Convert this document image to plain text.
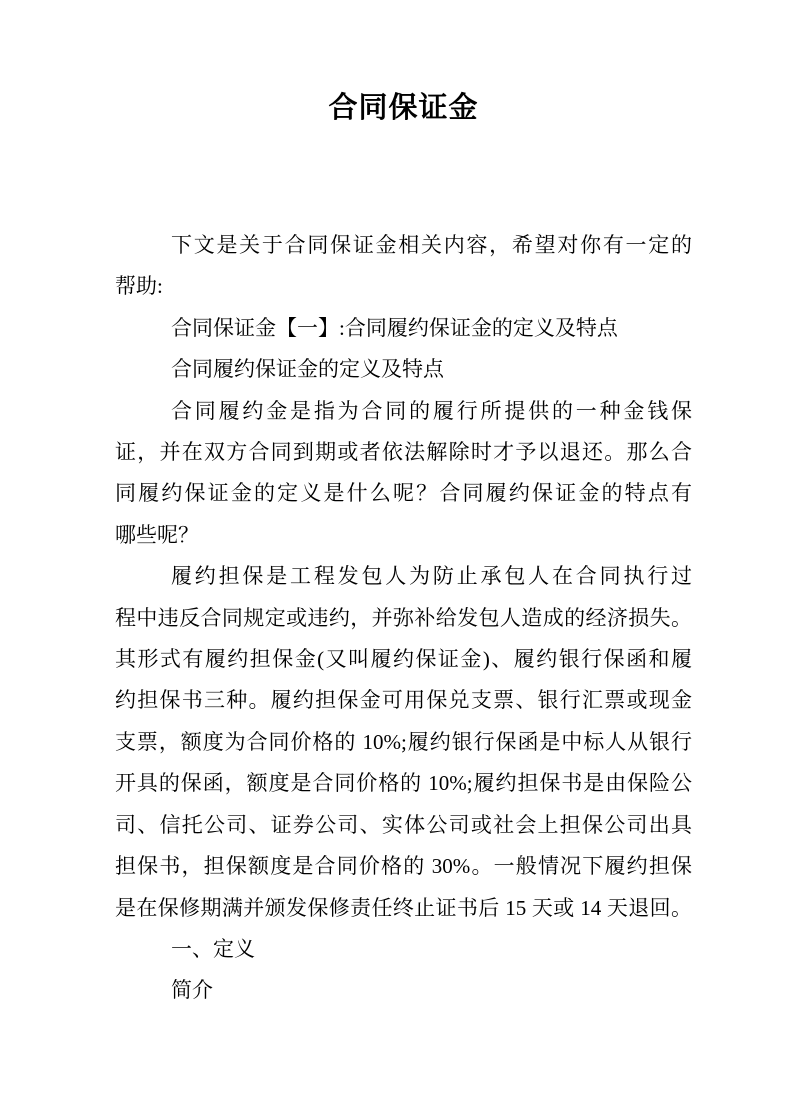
合同保证金
下文是关于合同保证金相关内容，希望对你有一定的
帮助:
合同保证金【一】:合同履约保证金的定义及特点
合同履约保证金的定义及特点
合同履约金是指为合同的履行所提供的一种金钱保
证，并在双方合同到期或者依法解除时才予以退还。那么合
同履约保证金的定义是什么呢？合同履约保证金的特点有
哪些呢？
履约担保是工程发包人为防止承包人在合同执行过
程中违反合同规定或违约，并弥补给发包人造成的经济损失。
其形式有履约担保金(又叫履约保证金)、履约银行保函和履
约担保书三种。履约担保金可用保兑支票、银行汇票或现金
支票，额度为合同价格的 10%;履约银行保函是中标人从银行
开具的保函，额度是合同价格的 10%;履约担保书是由保险公
司、信托公司、证券公司、实体公司或社会上担保公司出具
担保书，担保额度是合同价格的 30%。一般情况下履约担保
是在保修期满并颁发保修责任终止证书后 15 天或 14 天退回。
一、定义
简介
